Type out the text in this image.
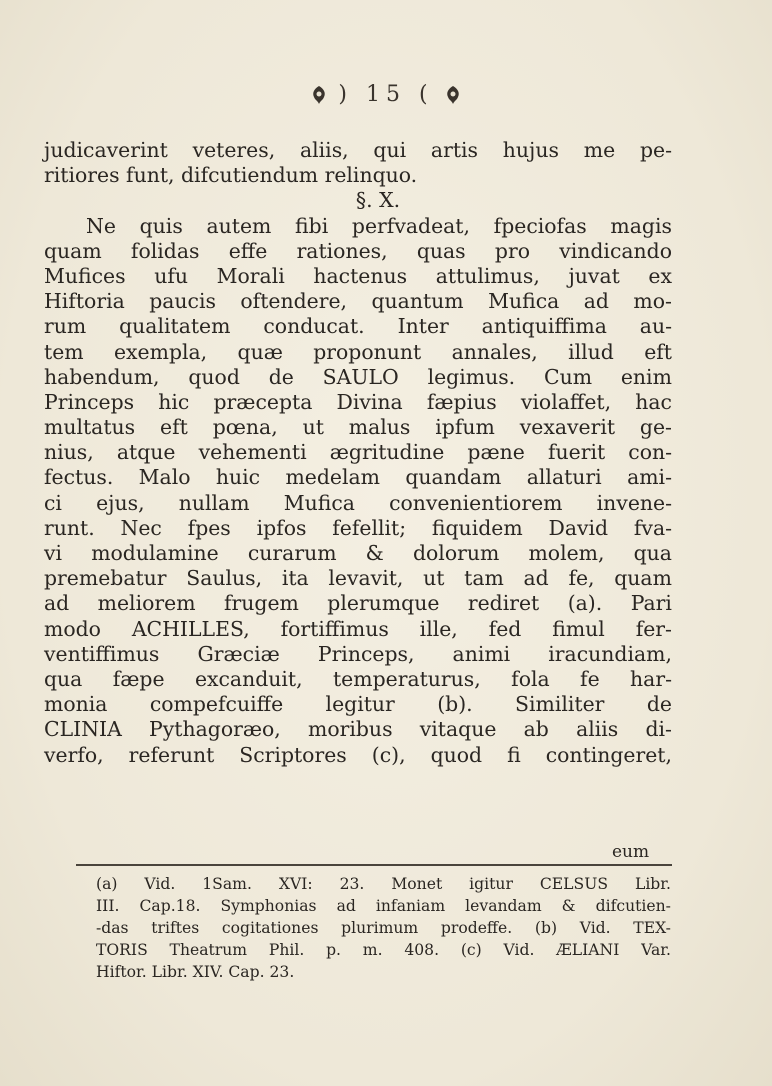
) 15 (
judicaverint veteres, aliis, qui artis hujus me pe-
ritiores funt, difcutiendum relinquo.
§. X.
Ne quis autem fibi perfvadeat, fpeciofas magis
quam folidas effe rationes, quas pro vindicando
Mufices ufu Morali hactenus attulimus, juvat ex
Hiftoria paucis oftendere, quantum Mufica ad mo-
rum qualitatem conducat. Inter antiquiffima au-
tem exempla, quæ proponunt annales, illud eft
habendum, quod de SAULO legimus. Cum enim
Princeps hic præcepta Divina fæpius violaffet, hac
multatus eft pœna, ut malus ipfum vexaverit ge-
nius, atque vehementi ægritudine pæne fuerit con-
fectus. Malo huic medelam quandam allaturi ami-
ci ejus, nullam Mufica convenientiorem invene-
runt. Nec fpes ipfos fefellit; fiquidem David fva-
vi modulamine curarum & dolorum molem, qua
premebatur Saulus, ita levavit, ut tam ad fe, quam
ad meliorem frugem plerumque rediret (a). Pari
modo ACHILLES, fortiffimus ille, fed fimul fer-
ventiffimus Græciæ Princeps, animi iracundiam,
qua fæpe excanduit, temperaturus, fola fe har-
monia compefcuiffe legitur (b). Similiter de
CLINIA Pythagoræo, moribus vitaque ab aliis di-
verfo, referunt Scriptores (c), quod fi contingeret,
eum
(a) Vid. 1Sam. XVI: 23. Monet igitur CELSUS Libr.
III. Cap.18. Symphonias ad infaniam levandam & difcutien-
-das triftes cogitationes plurimum prodeffe. (b) Vid. TEX-
TORIS Theatrum Phil. p. m. 408. (c) Vid. ÆLIANI Var.
Hiftor. Libr. XIV. Cap. 23.
